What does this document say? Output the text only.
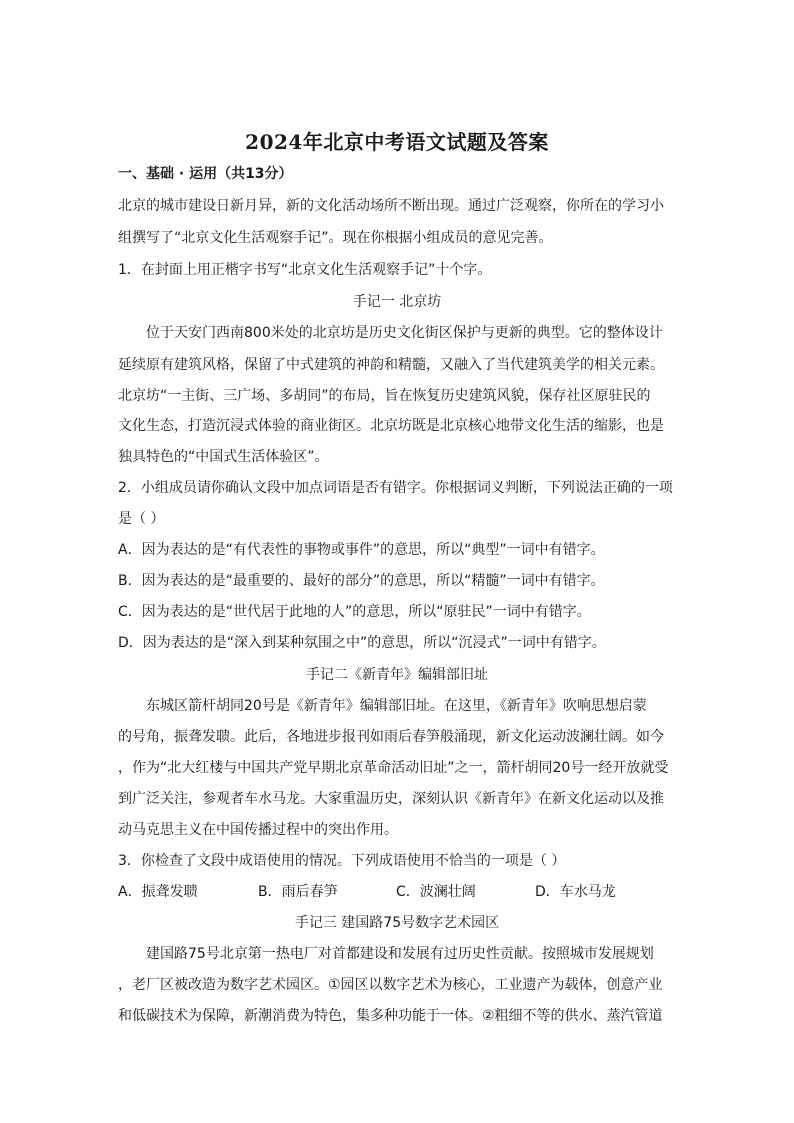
2024年北京中考语文试题及答案
一、基础 · 运用（共13分）
北京的城市建设日新月异，新的文化活动场所不断出现。通过广泛观察，你所在的学习小
组撰写了“北京文化生活观察手记”。现在你根据小组成员的意见完善。
1．在封面上用正楷字书写“北京文化生活观察手记”十个字。
手记一 北京坊
位于天安门西南800米处的北京坊是历史文化街区保护与更新的典型。它的整体设计
延续原有建筑风格，保留了中式建筑的神韵和精髓，又融入了当代建筑美学的相关元素。
北京坊“一主街、三广场、多胡同”的布局，旨在恢复历史建筑风貌，保存社区原驻民的
文化生态，打造沉浸式体验的商业街区。北京坊既是北京核心地带文化生活的缩影，也是
独具特色的“中国式生活体验区”。
2．小组成员请你确认文段中加点词语是否有错字。你根据词义判断，下列说法正确的一项
是（ ）
A．因为表达的是“有代表性的事物或事件”的意思，所以“典型”一词中有错字。
B．因为表达的是“最重要的、最好的部分”的意思，所以“精髓”一词中有错字。
C．因为表达的是“世代居于此地的人”的意思，所以“原驻民”一词中有错字。
D．因为表达的是“深入到某种氛围之中”的意思，所以“沉浸式”一词中有错字。
手记二《新青年》编辑部旧址
东城区箭杆胡同20号是《新青年》编辑部旧址。在这里，《新青年》吹响思想启蒙
的号角，振聋发聩。此后，各地进步报刊如雨后春笋般涌现，新文化运动波澜壮阔。如今
，作为“北大红楼与中国共产党早期北京革命活动旧址”之一，箭杆胡同20号一经开放就受
到广泛关注，参观者车水马龙。大家重温历史，深刻认识《新青年》在新文化运动以及推
动马克思主义在中国传播过程中的突出作用。
3．你检查了文段中成语使用的情况。下列成语使用不恰当的一项是（ ）
A．振聋发聩	B．雨后春笋	C．波澜壮阔	D．车水马龙
手记三 建国路75号数字艺术园区
建国路75号北京第一热电厂对首都建设和发展有过历史性贡献。按照城市发展规划
，老厂区被改造为数字艺术园区。①园区以数字艺术为核心，工业遗产为载体，创意产业
和低碳技术为保障，新潮消费为特色，集多种功能于一体。②粗细不等的供水、蒸汽管道
